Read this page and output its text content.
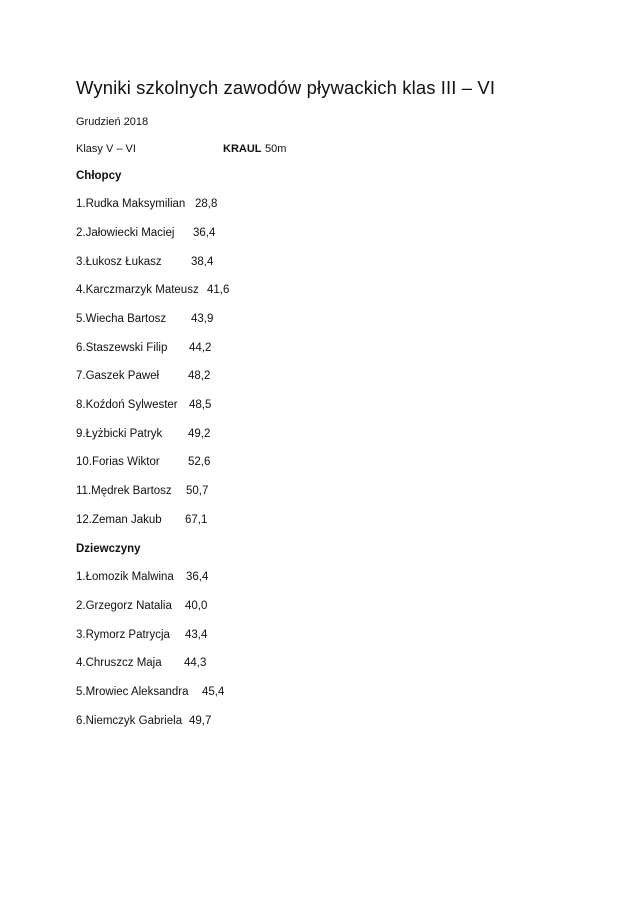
Wyniki szkolnych zawodów pływackich klas III – VI
Grudzień 2018
Klasy V – VI	KRAUL 50m
Chłopcy
1.Rudka Maksymilian 28,8
2.Jałowiecki Maciej 36,4
3.Łukosz Łukasz	38,4
4.Karczmarzyk Mateusz 41,6
5.Wiecha Bartosz 43,9
6.Staszewski Filip 44,2
7.Gaszek Paweł	48,2
8.Koźdoń Sylwester 48,5
9.Łyżbicki Patryk 49,2
10.Forias Wiktor 52,6
11.Mędrek Bartosz 50,7
12.Zeman Jakub 67,1
Dziewczyny
1.Łomozik Malwina 36,4
2.Grzegorz Natalia 40,0
3.Rymorz Patrycja 43,4
4.Chruszcz Maja 44,3
5.Mrowiec Aleksandra 45,4
6.Niemczyk Gabriela 49,7
